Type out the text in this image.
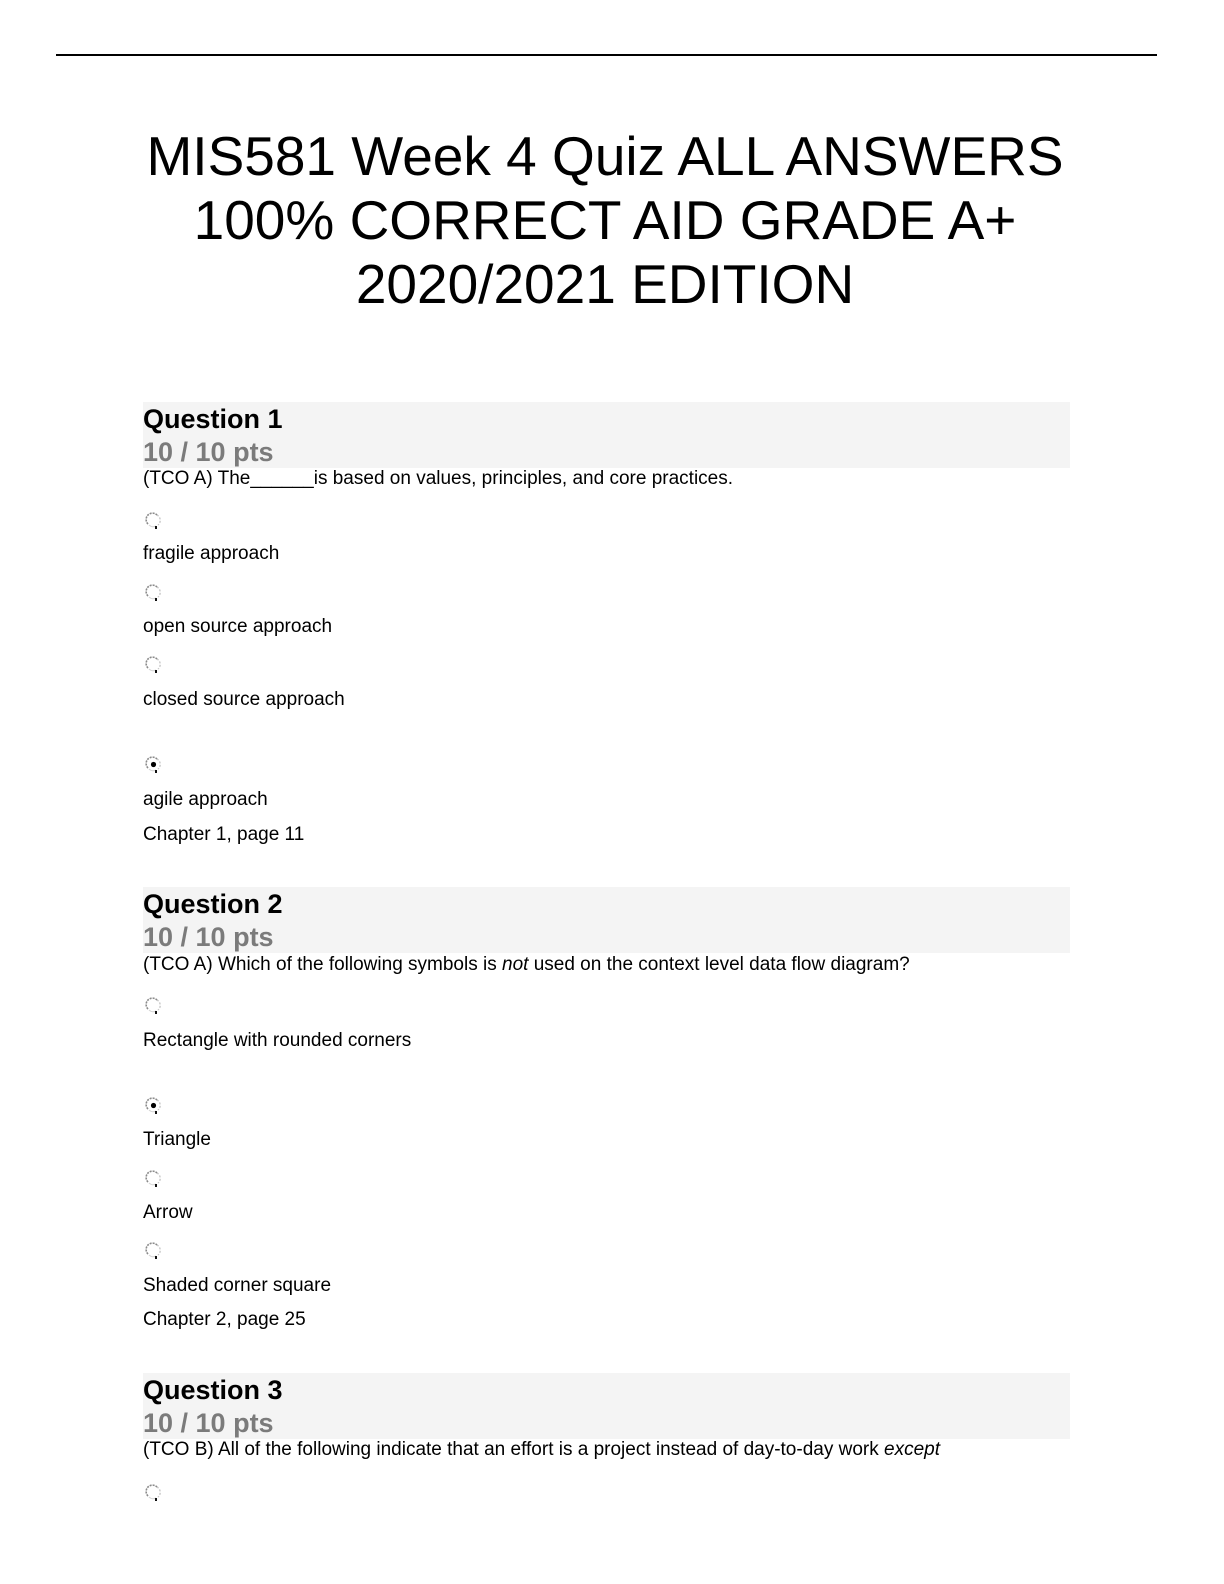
MIS581 Week 4 Quiz ALL ANSWERS
100% CORRECT AID GRADE A+
2020/2021 EDITION
Question 1
10 / 10 pts
(TCO A) The______is based on values, principles, and core practices.
fragile approach
open source approach
closed source approach
agile approach
Chapter 1, page 11
Question 2
10 / 10 pts
(TCO A) Which of the following symbols is not used on the context level data flow diagram?
Rectangle with rounded corners
Triangle
Arrow
Shaded corner square
Chapter 2, page 25
Question 3
10 / 10 pts
(TCO B) All of the following indicate that an effort is a project instead of day-to-day work except
